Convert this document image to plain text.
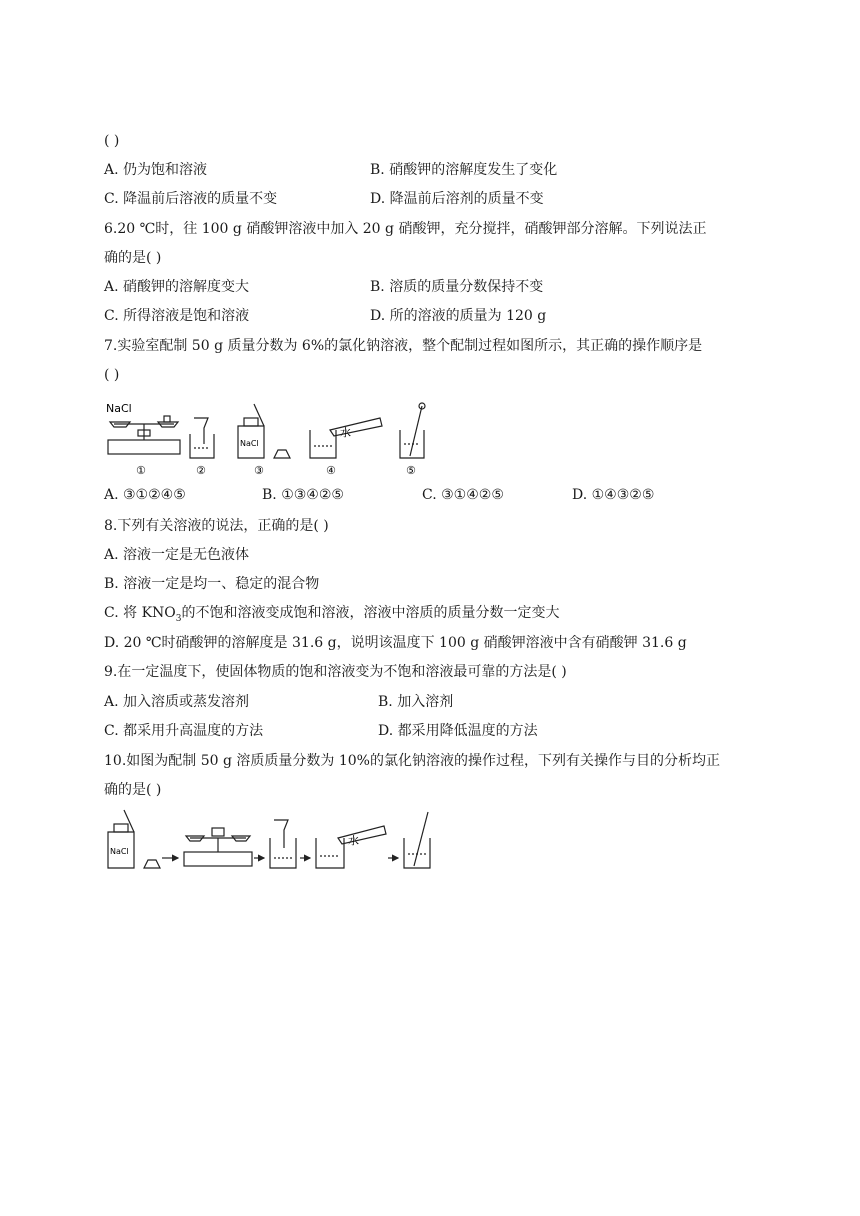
( )
A. 仍为饱和溶液	B. 硝酸钾的溶解度发生了变化
C. 降温前后溶液的质量不变	D. 降温前后溶剂的质量不变
6.20 ℃时，往 100 g 硝酸钾溶液中加入 20 g 硝酸钾，充分搅拌，硝酸钾部分溶解。下列说法正
确的是( )
A. 硝酸钾的溶解度变大	B. 溶质的质量分数保持不变
C. 所得溶液是饱和溶液	D. 所的溶液的质量为 120 g
7.实验室配制 50 g 质量分数为 6%的氯化钠溶液，整个配制过程如图所示，其正确的操作顺序是
( )
NaCl
①	②
NaCl
③
水
④	⑤
A. ③①②④⑤	B. ①③④②⑤	C. ③①④②⑤	D. ①④③②⑤
8.下列有关溶液的说法，正确的是( )
A. 溶液一定是无色液体
B. 溶液一定是均一、稳定的混合物
C. 将 $KNO_3$的不饱和溶液变成饱和溶液，溶液中溶质的质量分数一定变大
D. 20 ℃时硝酸钾的溶解度是 31.6 g，说明该温度下 100 g 硝酸钾溶液中含有硝酸钾 31.6 g
9.在一定温度下，使固体物质的饱和溶液变为不饱和溶液最可靠的方法是( )
A. 加入溶质或蒸发溶剂	B. 加入溶剂
C. 都采用升高温度的方法	D. 都采用降低温度的方法
10.如图为配制 50 g 溶质质量分数为 10%的氯化钠溶液的操作过程，下列有关操作与目的分析均正
确的是( )
NaCl
水
